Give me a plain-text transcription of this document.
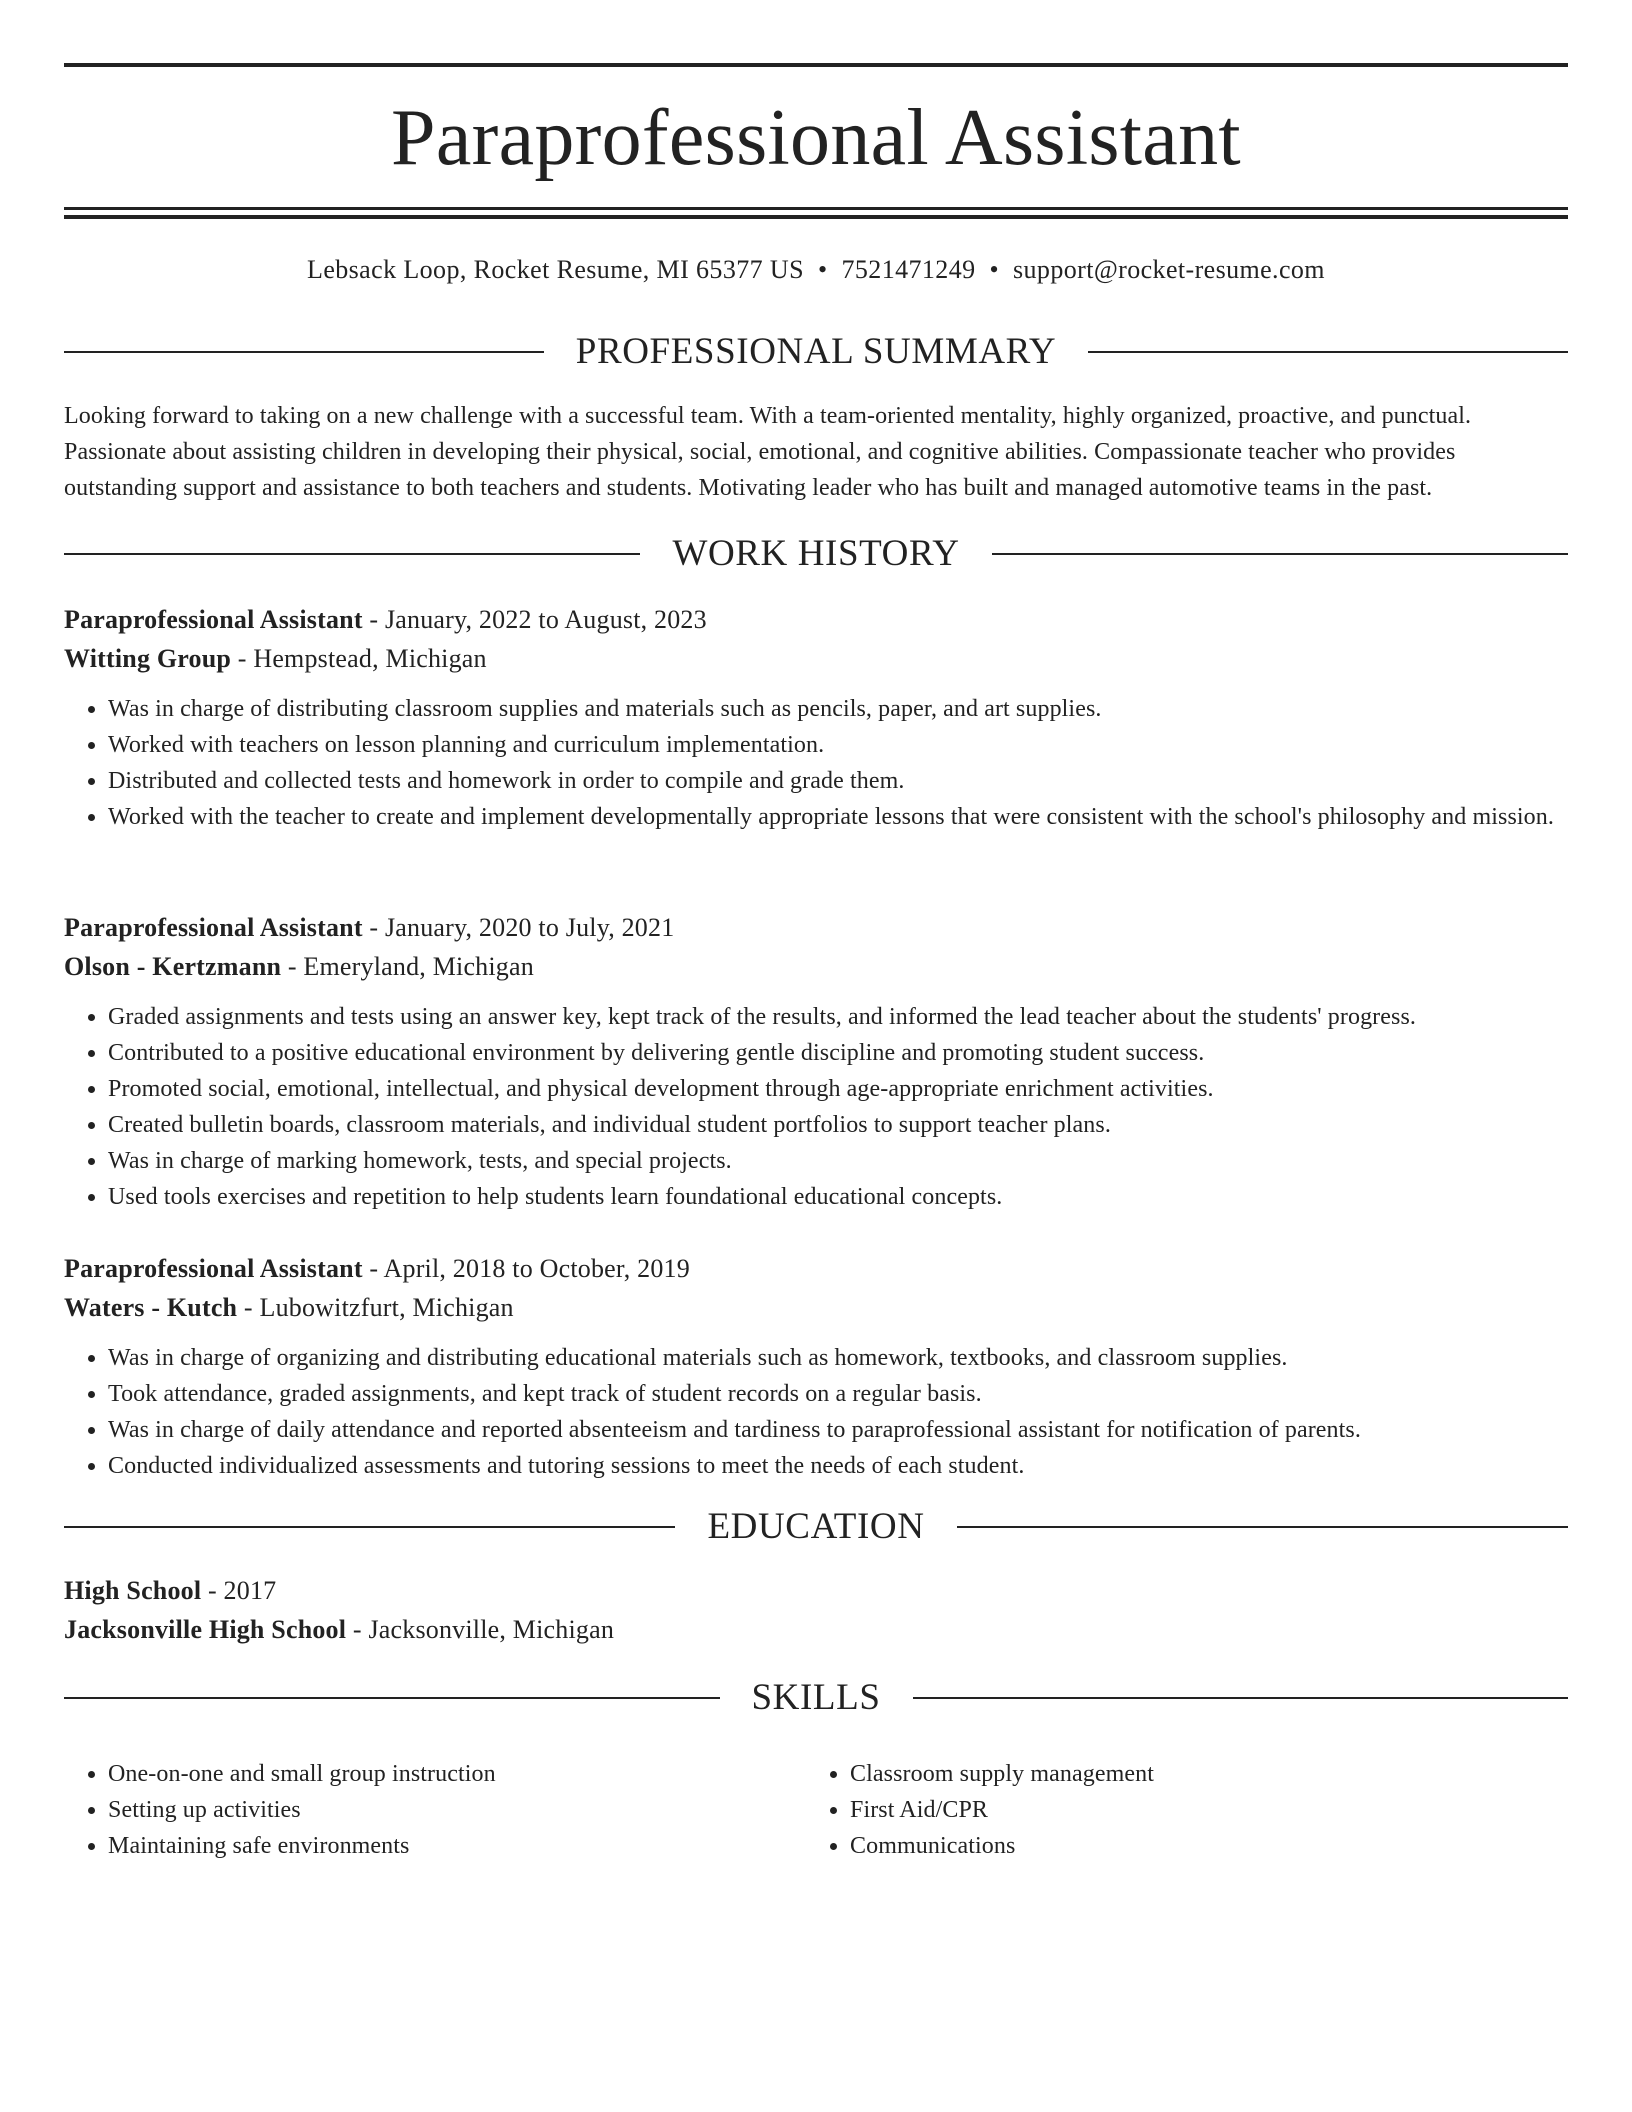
Paraprofessional Assistant
Lebsack Loop, Rocket Resume, MI 65377 US • 7521471249 • support@rocket-resume.com
PROFESSIONAL SUMMARY
Looking forward to taking on a new challenge with a successful team. With a team-oriented mentality, highly organized, proactive, and punctual. Passionate about assisting children in developing their physical, social, emotional, and cognitive abilities. Compassionate teacher who provides outstanding support and assistance to both teachers and students. Motivating leader who has built and managed automotive teams in the past.
WORK HISTORY
Paraprofessional Assistant - January, 2022 to August, 2023
Witting Group - Hempstead, Michigan
• Was in charge of distributing classroom supplies and materials such as pencils, paper, and art supplies.
• Worked with teachers on lesson planning and curriculum implementation.
• Distributed and collected tests and homework in order to compile and grade them.
• Worked with the teacher to create and implement developmentally appropriate lessons that were consistent with the school's philosophy and mission.
Paraprofessional Assistant - January, 2020 to July, 2021
Olson - Kertzmann - Emeryland, Michigan
• Graded assignments and tests using an answer key, kept track of the results, and informed the lead teacher about the students' progress.
• Contributed to a positive educational environment by delivering gentle discipline and promoting student success.
• Promoted social, emotional, intellectual, and physical development through age-appropriate enrichment activities.
• Created bulletin boards, classroom materials, and individual student portfolios to support teacher plans.
• Was in charge of marking homework, tests, and special projects.
• Used tools exercises and repetition to help students learn foundational educational concepts.
Paraprofessional Assistant - April, 2018 to October, 2019
Waters - Kutch - Lubowitzfurt, Michigan
• Was in charge of organizing and distributing educational materials such as homework, textbooks, and classroom supplies.
• Took attendance, graded assignments, and kept track of student records on a regular basis.
• Was in charge of daily attendance and reported absenteeism and tardiness to paraprofessional assistant for notification of parents.
• Conducted individualized assessments and tutoring sessions to meet the needs of each student.
EDUCATION
High School - 2017
Jacksonville High School - Jacksonville, Michigan
SKILLS
• One-on-one and small group instruction
• Setting up activities
• Maintaining safe environments
• Classroom supply management
• First Aid/CPR
• Communications
